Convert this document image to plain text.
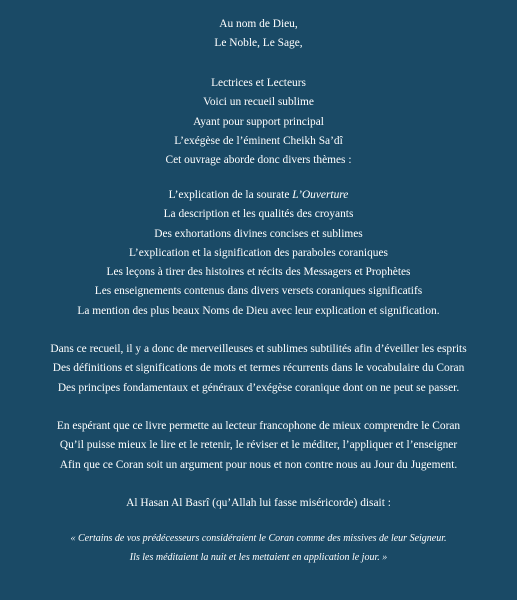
Au nom de Dieu,
Le Noble, Le Sage,
Lectrices et Lecteurs
Voici un recueil sublime
Ayant pour support principal
L’exégèse de l’éminent Cheikh Sa’dî
Cet ouvrage aborde donc divers thèmes :
L’explication de la sourate L’Ouverture
La description et les qualités des croyants
Des exhortations divines concises et sublimes
L’explication et la signification des paraboles coraniques
Les leçons à tirer des histoires et récits des Messagers et Prophètes
Les enseignements contenus dans divers versets coraniques significatifs
La mention des plus beaux Noms de Dieu avec leur explication et signification.
Dans ce recueil, il y a donc de merveilleuses et sublimes subtilités afin d’éveiller les esprits
Des définitions et significations de mots et termes récurrents dans le vocabulaire du Coran
Des principes fondamentaux et généraux d’exégèse coranique dont on ne peut se passer.
En espérant que ce livre permette au lecteur francophone de mieux comprendre le Coran
Qu’il puisse mieux le lire et le retenir, le réviser et le méditer, l’appliquer et l’enseigner
Afin que ce Coran soit un argument pour nous et non contre nous au Jour du Jugement.
Al Hasan Al Basrî (qu’Allah lui fasse miséricorde) disait :
« Certains de vos prédécesseurs considéraient le Coran comme des missives de leur Seigneur.
Ils les méditaient la nuit et les mettaient en application le jour. »
